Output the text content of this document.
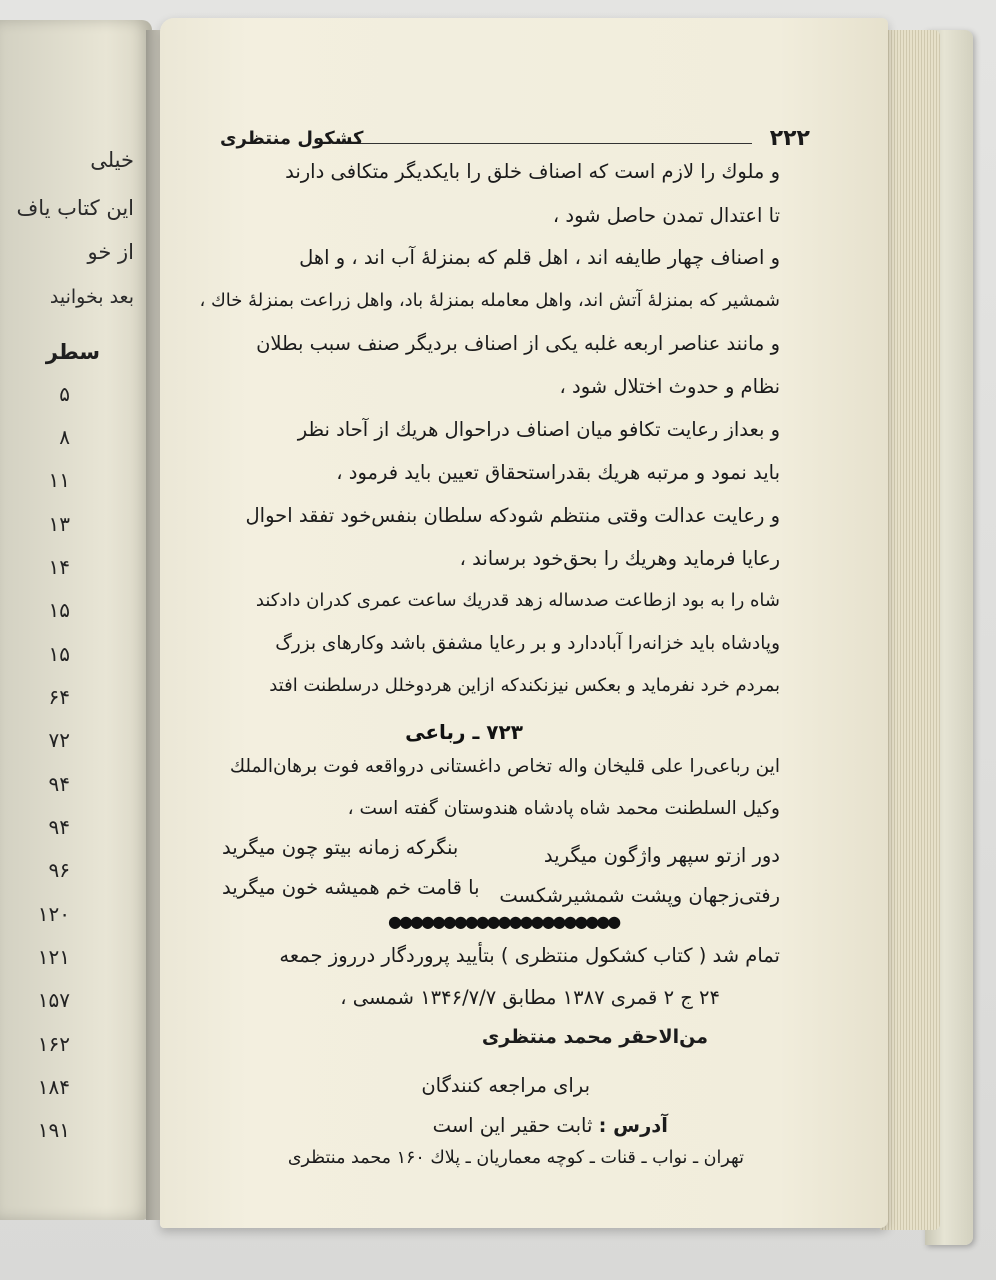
خیلی
این کتاب یاف
از خو
بعد بخوانید
سطر
۵
۸
۱۱
۱۳
۱۴
۱۵
۱۵
۶۴
۷۲
۹۴
۹۴
۹۶
۱۲۰
۱۲۱
۱۵۷
۱۶۲
۱۸۴
۱۹۱
۲۲۲
کشکول منتظری
و ملوك را لازم است که اصناف خلق را بایکدیگر متکافی دارند
تا اعتدال تمدن حاصل شود ،
و اصناف چهار طایفه اند ، اهل قلم که بمنزلهٔ آب اند ، و اهل
شمشیر که بمنزلهٔ آتش اند، واهل معامله بمنزلهٔ باد، واهل زراعت بمنزلهٔ خاك ،
و مانند عناصر اربعه غلبه یکی از اصناف بردیگر صنف سبب بطلان
نظام و حدوث اختلال شود ،
و بعداز رعایت تکافو میان اصناف دراحوال هریك از آحاد نظر
باید نمود و مرتبه هریك بقدراستحقاق تعیین باید فرمود ،
و رعایت عدالت وقتی منتظم شودکه سلطان بنفس‌خود تفقد احوال
رعایا فرماید وهریك را بحق‌خود برساند ،
شاه را به بود ازطاعت صدساله زهد قدریك ساعت عمری کدران دادکند
وپادشاه باید خزانه‌را آباددارد و بر رعایا مشفق باشد وکارهای بزرگ
بمردم خرد نفرماید و بعکس نیزنکندکه ازاین هردوخلل درسلطنت افتد
۷۲۳ ـ رباعی
این رباعی‌را علی قلیخان واله تخاص داغستانی درواقعه فوت برهان‌الملك
وکیل السلطنت محمد شاه پادشاه هندوستان گفته است ،
دور ازتو سپهر واژگون میگرید
بنگرکه زمانه بیتو چون میگرید
رفتی‌زجهان وپشت شمشیرشکست
با قامت خم همیشه خون میگرید
●●●●●●●●●●●●●●●●●●●●●
تمام شد ( کتاب کشکول منتظری ) بتأیید پروردگار درروز جمعه
۲۴ ج ۲ قمری ۱۳۸۷ مطابق ۱۳۴۶/۷/۷ شمسی ،
من‌الاحقر محمد منتظری
برای مراجعه کنندگان
آدرس : ثابت حقیر این است
تهران ـ نواب ـ قنات ـ کوچه معماریان ـ پلاك ۱۶۰ محمد منتظری
